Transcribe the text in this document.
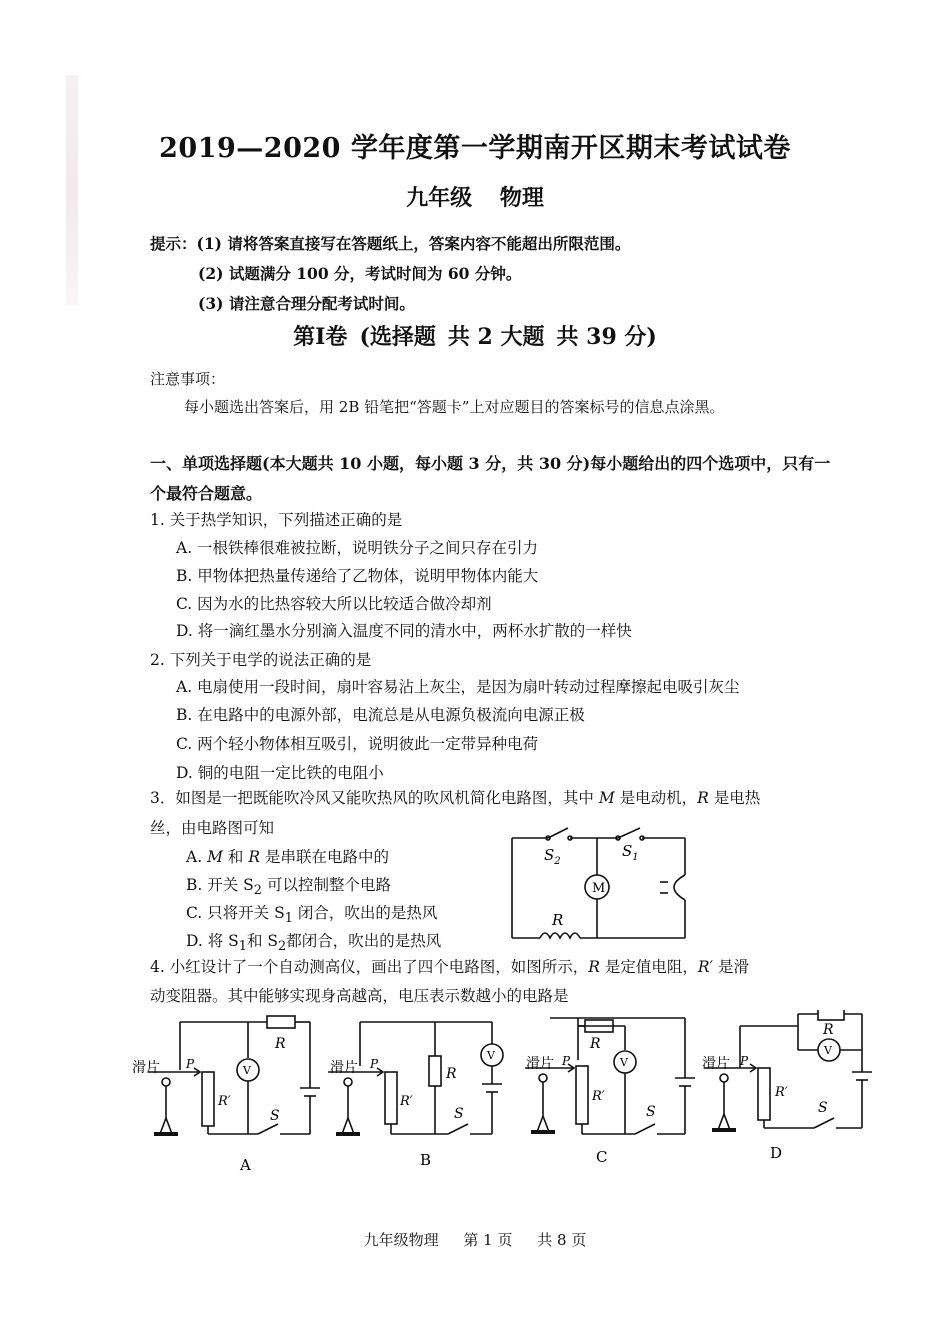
2019—2020 学年度第一学期南开区期末考试试卷
九年级 物理
提示：(1) 请将答案直接写在答题纸上，答案内容不能超出所限范围。
(2) 试题满分 100 分，考试时间为 60 分钟。
(3) 请注意合理分配考试时间。
第Ⅰ卷 (选择题 共 2 大题 共 39 分)
注意事项：
每小题选出答案后，用 2B 铅笔把“答题卡”上对应题目的答案标号的信息点涂黑。
一、单项选择题(本大题共 10 小题，每小题 3 分，共 30 分)每小题给出的四个选项中，只有一个最符合题意。
1. 关于热学知识，下列描述正确的是
A. 一根铁棒很难被拉断，说明铁分子之间只存在引力
B. 甲物体把热量传递给了乙物体，说明甲物体内能大
C. 因为水的比热容较大所以比较适合做冷却剂
D. 将一滴红墨水分别滴入温度不同的清水中，两杯水扩散的一样快
2. 下列关于电学的说法正确的是
A. 电扇使用一段时间，扇叶容易沾上灰尘，是因为扇叶转动过程摩擦起电吸引灰尘
B. 在电路中的电源外部，电流总是从电源负极流向电源正极
C. 两个轻小物体相互吸引，说明彼此一定带异种电荷
D. 铜的电阻一定比铁的电阻小
3．如图是一把既能吹冷风又能吹热风的吹风机简化电路图，其中 M 是电动机，R 是电热
丝，由电路图可知
A. M 和 R 是串联在电路中的
B. 开关 $S_2$ 可以控制整个电路
C. 只将开关 $S_1$ 闭合，吹出的是热风
D. 将 $S_1$和 $S_2$都闭合，吹出的是热风
$S_2$
$S_1$
M
R
4. 小红设计了一个自动测高仪，画出了四个电路图，如图所示，R 是定值电阻，R′ 是滑
动变阻器。其中能够实现身高越高，电压表示数越小的电路是
滑片 P
R′
R
V
S
A
滑片 P
R′
R
V
S
B
滑片 P
R′
R
V
S
C
滑片 P
R′
R
V
S
D
九年级物理 第 1 页 共 8 页
